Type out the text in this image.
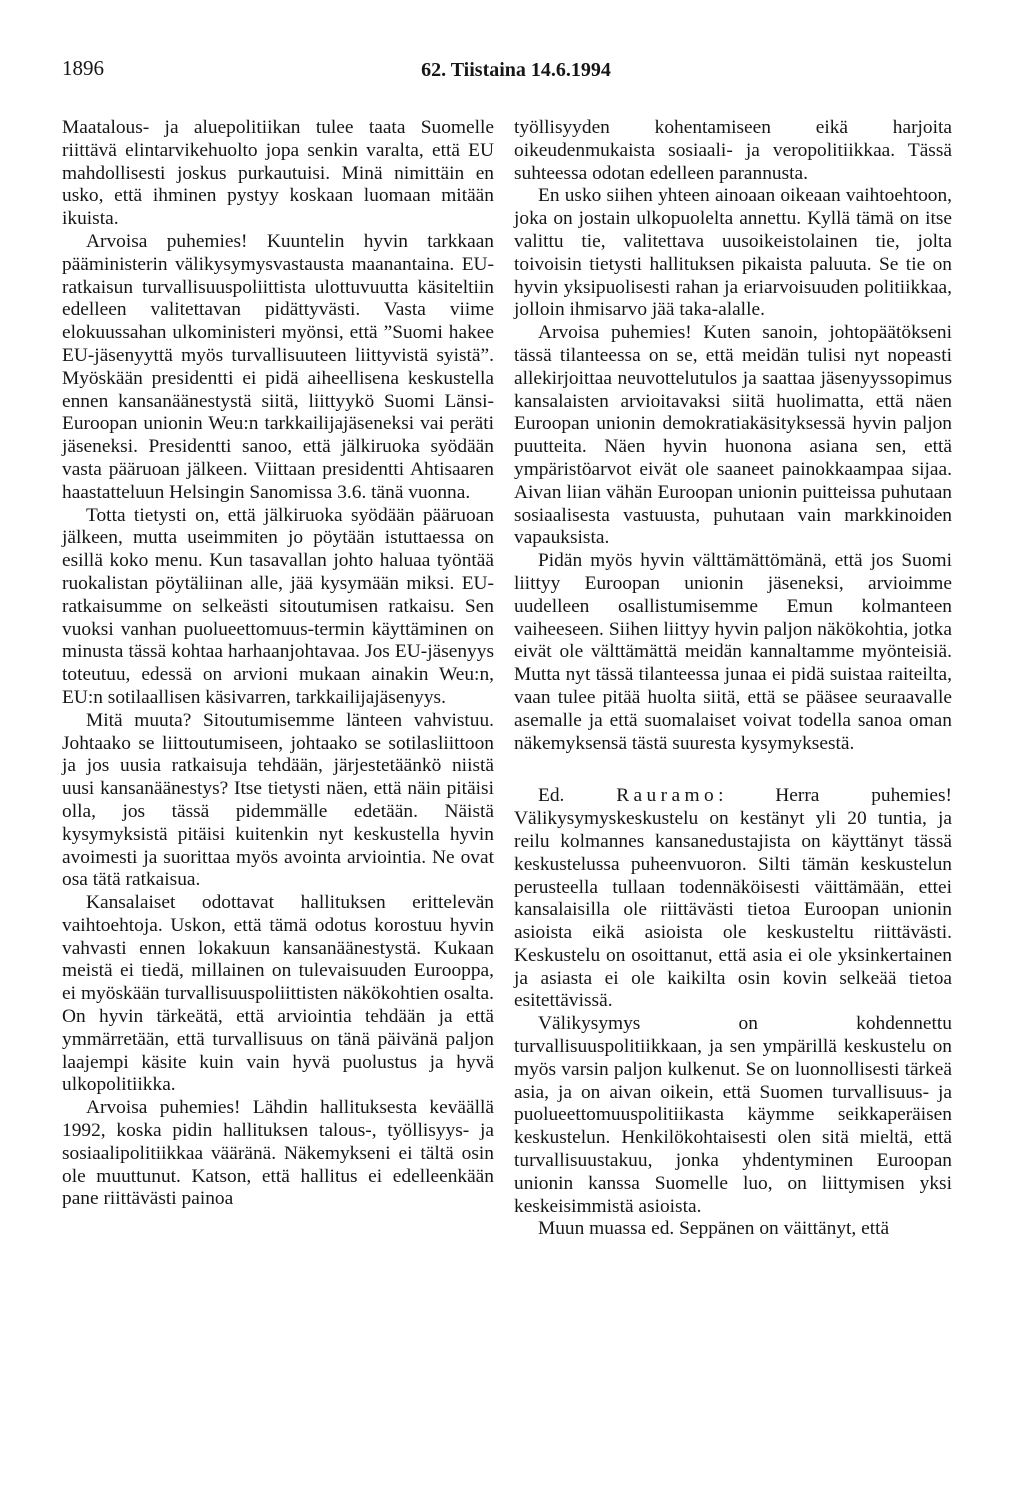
1896	62. Tiistaina 14.6.1994

Maatalous- ja aluepolitiikan tulee taata Suomelle riittävä elintarvikehuolto jopa senkin varalta, että EU mahdollisesti joskus purkautuisi. Minä nimittäin en usko, että ihminen pystyy koskaan luomaan mitään ikuista.

Arvoisa puhemies! Kuuntelin hyvin tarkkaan pääministerin välikysymysvastausta maanantaina. EU-ratkaisun turvallisuuspoliittista ulottuvuutta käsiteltiin edelleen valitettavan pidättyvästi. Vasta viime elokuussahan ulkoministeri myönsi, että ”Suomi hakee EU-jäsenyyttä myös turvallisuuteen liittyvistä syistä”. Myöskään presidentti ei pidä aiheellisena keskustella ennen kansanäänestystä siitä, liittyykö Suomi Länsi-Euroopan unionin Weu:n tarkkailijajäseneksi vai peräti jäseneksi. Presidentti sanoo, että jälkiruoka syödään vasta pääruoan jälkeen. Viittaan presidentti Ahtisaaren haastatteluun Helsingin Sanomissa 3.6. tänä vuonna.

Totta tietysti on, että jälkiruoka syödään pääruoan jälkeen, mutta useimmiten jo pöytään istuttaessa on esillä koko menu. Kun tasavallan johto haluaa työntää ruokalistan pöytäliinan alle, jää kysymään miksi. EU-ratkaisumme on selkeästi sitoutumisen ratkaisu. Sen vuoksi vanhan puolueettomuus-termin käyttäminen on minusta tässä kohtaa harhaanjohtavaa. Jos EU-jäsenyys toteutuu, edessä on arvioni mukaan ainakin Weu:n, EU:n sotilaallisen käsivarren, tarkkailijajäsenyys.

Mitä muuta? Sitoutumisemme länteen vahvistuu. Johtaako se liittoutumiseen, johtaako se sotilasliittoon ja jos uusia ratkaisuja tehdään, järjestetäänkö niistä uusi kansanäänestys? Itse tietysti näen, että näin pitäisi olla, jos tässä pidemmälle edetään. Näistä kysymyksistä pitäisi kuitenkin nyt keskustella hyvin avoimesti ja suorittaa myös avointa arviointia. Ne ovat osa tätä ratkaisua.

Kansalaiset odottavat hallituksen erittelevän vaihtoehtoja. Uskon, että tämä odotus korostuu hyvin vahvasti ennen lokakuun kansanäänestystä. Kukaan meistä ei tiedä, millainen on tulevaisuuden Eurooppa, ei myöskään turvallisuuspoliittisten näkökohtien osalta. On hyvin tärkeätä, että arviointia tehdään ja että ymmärretään, että turvallisuus on tänä päivänä paljon laajempi käsite kuin vain hyvä puolustus ja hyvä ulkopolitiikka.

Arvoisa puhemies! Lähdin hallituksesta keväällä 1992, koska pidin hallituksen talous-, työllisyys- ja sosiaalipolitiikkaa vääränä. Näkemykseni ei tältä osin ole muuttunut. Katson, että hallitus ei edelleenkään pane riittävästi painoa

työllisyyden kohentamiseen eikä harjoita oikeudenmukaista sosiaali- ja veropolitiikkaa. Tässä suhteessa odotan edelleen parannusta.

En usko siihen yhteen ainoaan oikeaan vaihtoehtoon, joka on jostain ulkopuolelta annettu. Kyllä tämä on itse valittu tie, valitettava uusoikeistolainen tie, jolta toivoisin tietysti hallituksen pikaista paluuta. Se tie on hyvin yksipuolisesti rahan ja eriarvoisuuden politiikkaa, jolloin ihmisarvo jää taka-alalle.

Arvoisa puhemies! Kuten sanoin, johtopäätökseni tässä tilanteessa on se, että meidän tulisi nyt nopeasti allekirjoittaa neuvottelutulos ja saattaa jäsenyyssopimus kansalaisten arvioitavaksi siitä huolimatta, että näen Euroopan unionin demokratiakäsityksessä hyvin paljon puutteita. Näen hyvin huonona asiana sen, että ympäristöarvot eivät ole saaneet painokkaampaa sijaa. Aivan liian vähän Euroopan unionin puitteissa puhutaan sosiaalisesta vastuusta, puhutaan vain markkinoiden vapauksista.

Pidän myös hyvin välttämättömänä, että jos Suomi liittyy Euroopan unionin jäseneksi, arvioimme uudelleen osallistumisemme Emun kolmanteen vaiheeseen. Siihen liittyy hyvin paljon näkökohtia, jotka eivät ole välttämättä meidän kannaltamme myönteisiä. Mutta nyt tässä tilanteessa junaa ei pidä suistaa raiteilta, vaan tulee pitää huolta siitä, että se pääsee seuraavalle asemalle ja että suomalaiset voivat todella sanoa oman näkemyksensä tästä suuresta kysymyksestä.

Ed. Rauramo: Herra puhemies! Välikysymyskeskustelu on kestänyt yli 20 tuntia, ja reilu kolmannes kansanedustajista on käyttänyt tässä keskustelussa puheenvuoron. Silti tämän keskustelun perusteella tullaan todennäköisesti väittämään, ettei kansalaisilla ole riittävästi tietoa Euroopan unionin asioista eikä asioista ole keskusteltu riittävästi. Keskustelu on osoittanut, että asia ei ole yksinkertainen ja asiasta ei ole kaikilta osin kovin selkeää tietoa esitettävissä.

Välikysymys on kohdennettu turvallisuuspolitiikkaan, ja sen ympärillä keskustelu on myös varsin paljon kulkenut. Se on luonnollisesti tärkeä asia, ja on aivan oikein, että Suomen turvallisuus- ja puolueettomuuspolitiikasta käymme seikkaperäisen keskustelun. Henkilökohtaisesti olen sitä mieltä, että turvallisuustakuu, jonka yhdentyminen Euroopan unionin kanssa Suomelle luo, on liittymisen yksi keskeisimmistä asioista.

Muun muassa ed. Seppänen on väittänyt, että
